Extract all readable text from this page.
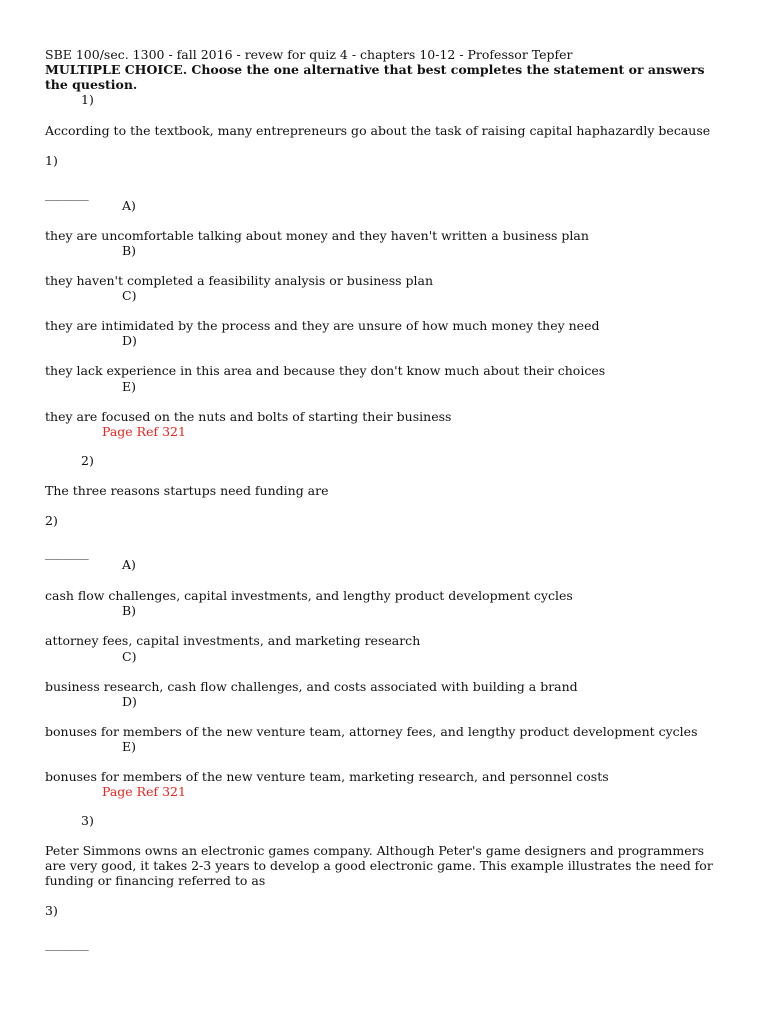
SBE 100/sec. 1300 - fall 2016 - revew for quiz 4 - chapters 10-12 - Professor Tepfer
MULTIPLE CHOICE. Choose the one alternative that best completes the statement or answers the question.
1)
According to the textbook, many entrepreneurs go about the task of raising capital haphazardly because
1)
_______
A)
they are uncomfortable talking about money and they haven't written a business plan
B)
they haven't completed a feasibility analysis or business plan
C)
they are intimidated by the process and they are unsure of how much money they need
D)
they lack experience in this area and because they don't know much about their choices
E)
they are focused on the nuts and bolts of starting their business
Page Ref 321
2)
The three reasons startups need funding are
2)
_______
A)
cash flow challenges, capital investments, and lengthy product development cycles
B)
attorney fees, capital investments, and marketing research
C)
business research, cash flow challenges, and costs associated with building a brand
D)
bonuses for members of the new venture team, attorney fees, and lengthy product development cycles
E)
bonuses for members of the new venture team, marketing research, and personnel costs
Page Ref 321
3)
Peter Simmons owns an electronic games company. Although Peter's game designers and programmers are very good, it takes 2-3 years to develop a good electronic game. This example illustrates the need for funding or financing referred to as
3)
_______
